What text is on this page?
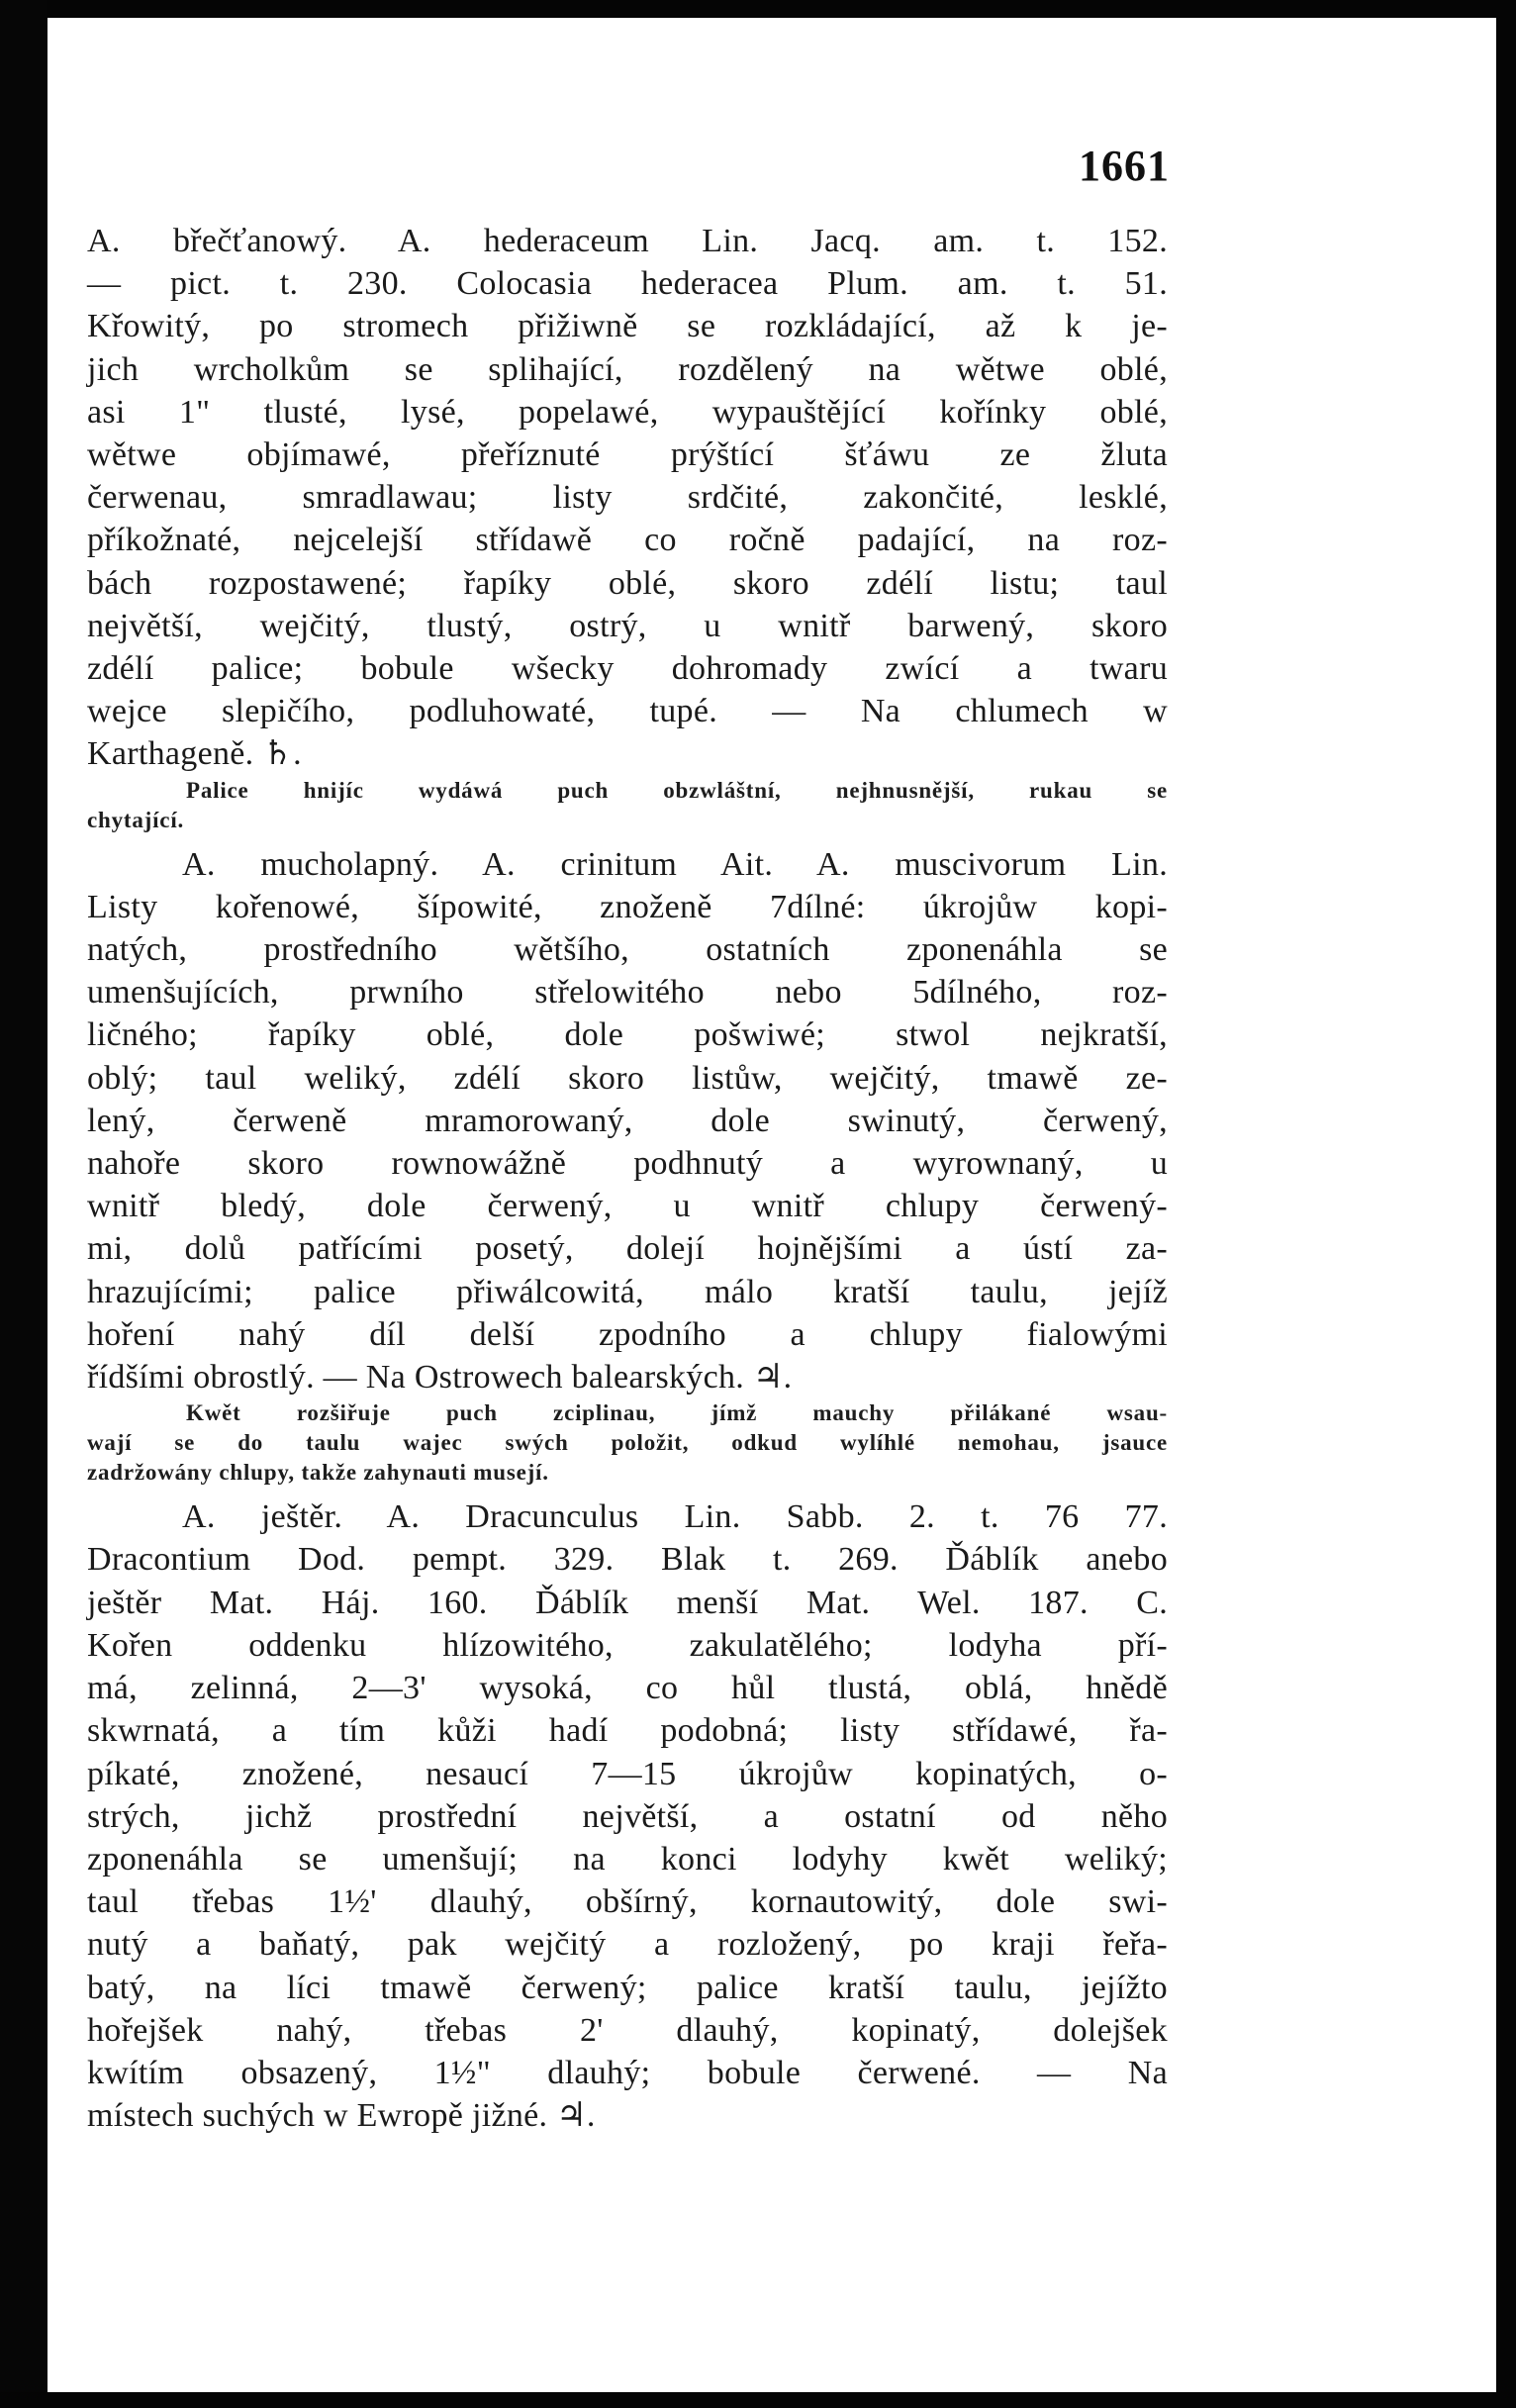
1661
A. břečťanowý. A. hederaceum Lin. Jacq. am. t. 152.
— pict. t. 230. Colocasia hederacea Plum. am. t. 51.
Křowitý, po stromech přižiwně se rozkládající, až k je-
jich wrcholkům se splihající, rozdělený na wětwe oblé,
asi 1" tlusté, lysé, popelawé, wypauštějící kořínky oblé,
wětwe objímawé, přeříznuté prýštící šťáwu ze žluta
čerwenau, smradlawau; listy srdčité, zakončité, lesklé,
příkožnaté, nejcelejší střídawě co ročně padající, na roz-
bách rozpostawené; řapíky oblé, skoro zdélí listu; taul
největší, wejčitý, tlustý, ostrý, u wnitř barwený, skoro
zdélí palice; bobule wšecky dohromady zwící a twaru
wejce slepičího, podluhowaté, tupé. — Na chlumech w
Karthageně. ♄.
Palice hnijíc wydáwá puch obzwláštní, nejhnusnější, rukau se
chytající.
A. mucholapný. A. crinitum Ait. A. muscivorum Lin.
Listy kořenowé, šípowité, znoženě 7dílné: úkrojůw kopi-
natých, prostředního wětšího, ostatních zponenáhla se
umenšujících, prwního střelowitého nebo 5dílného, roz-
ličného; řapíky oblé, dole pošwiwé; stwol nejkratší,
oblý; taul weliký, zdélí skoro listůw, wejčitý, tmawě ze-
lený, čerweně mramorowaný, dole swinutý, čerwený,
nahoře skoro rownowážně podhnutý a wyrownaný, u
wnitř bledý, dole čerwený, u wnitř chlupy čerwený-
mi, dolů patřícími posetý, dolejí hojnějšími a ústí za-
hrazujícími; palice přiwálcowitá, málo kratší taulu, jejíž
hoření nahý díl delší zpodního a chlupy fialowými
řídšími obrostlý. — Na Ostrowech balearských. ♃.
Kwět rozšiřuje puch zciplinau, jímž mauchy přilákané wsau-
wají se do taulu wajec swých položit, odkud wylíhlé nemohau, jsauce
zadržowány chlupy, takže zahynauti musejí.
A. ještěr. A. Dracunculus Lin. Sabb. 2. t. 76 77.
Dracontium Dod. pempt. 329. Blak t. 269. Ďáblík anebo
ještěr Mat. Háj. 160. Ďáblík menší Mat. Wel. 187. C.
Kořen oddenku hlízowitého, zakulatělého; lodyha pří-
má, zelinná, 2—3' wysoká, co hůl tlustá, oblá, hnědě
skwrnatá, a tím kůži hadí podobná; listy střídawé, řa-
píkaté, znožené, nesaucí 7—15 úkrojůw kopinatých, o-
strých, jichž prostřední největší, a ostatní od něho
zponenáhla se umenšují; na konci lodyhy kwět weliký;
taul třebas 1½' dlauhý, obšírný, kornautowitý, dole swi-
nutý a baňatý, pak wejčitý a rozložený, po kraji řeřa-
batý, na líci tmawě čerwený; palice kratší taulu, jejížto
hořejšek nahý, třebas 2' dlauhý, kopinatý, dolejšek
kwítím obsazený, 1½" dlauhý; bobule čerwené. — Na
místech suchých w Ewropě jižné. ♃.
